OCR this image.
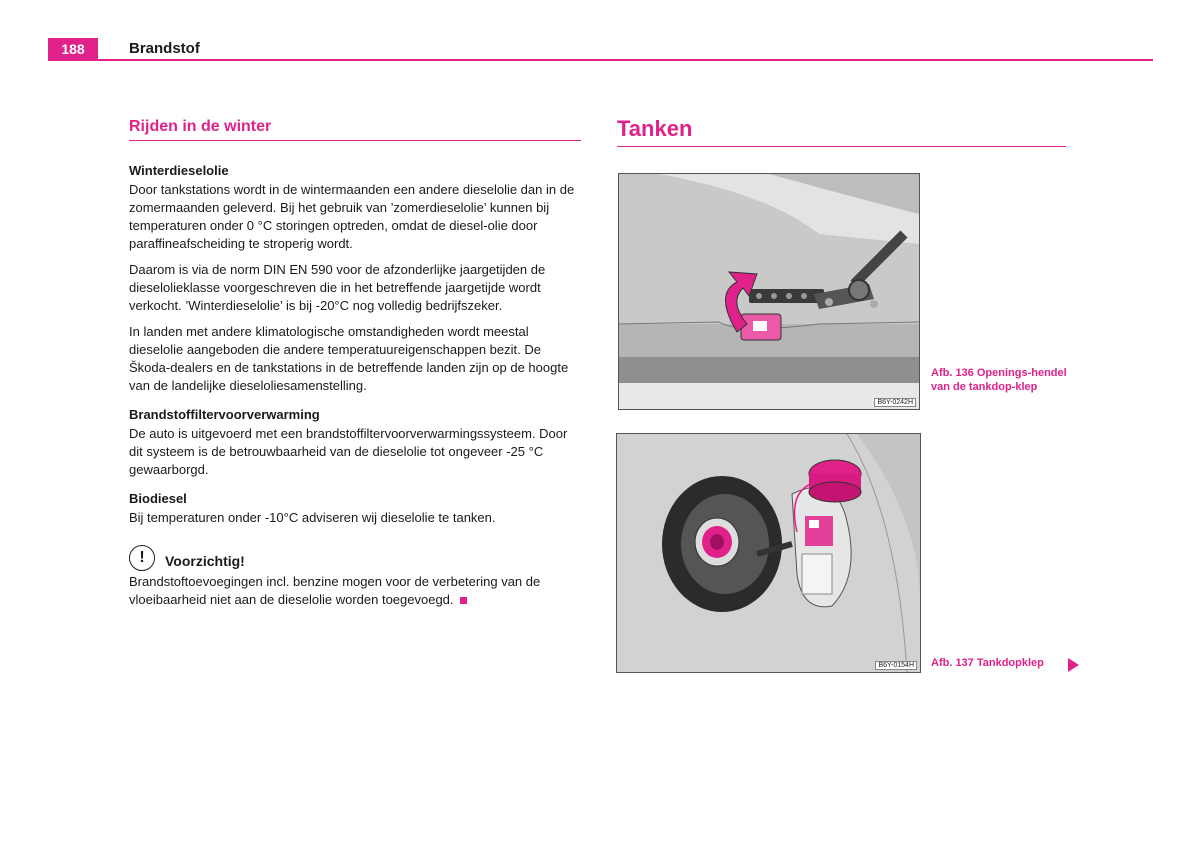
188	Brandstof
Rijden in de winter
Winterdieselolie

Door tankstations wordt in de wintermaanden een andere dieselolie dan in de zomermaanden geleverd. Bij het gebruik van ’zomerdieselolie’ kunnen bij temperaturen onder 0 °C storingen optreden, omdat de diesel-olie door paraffineafscheiding te stroperig wordt.

Daarom is via de norm DIN EN 590 voor de afzonderlijke jaargetijden de dieselolieklasse voorgeschreven die in het betreffende jaargetijde wordt verkocht. ’Winterdieselolie’ is bij -20°C nog volledig bedrijfszeker.

In landen met andere klimatologische omstandigheden wordt meestal dieselolie aangeboden die andere temperatuureigenschappen bezit. De Škoda-dealers en de tankstations in de betreffende landen zijn op de hoogte van de landelijke dieseloliesamenstelling.

Brandstoffiltervoorverwarming

De auto is uitgevoerd met een brandstoffiltervoorverwarmingssysteem. Door dit systeem is de betrouwbaarheid van de dieselolie tot ongeveer -25 °C gewaarborgd.

Biodiesel

Bij temperaturen onder -10°C adviseren wij dieselolie te tanken.

!	Voorzichtig!

Brandstoftoevoegingen incl. benzine mogen voor de verbetering van de vloeibaarheid niet aan de dieselolie worden toegevoegd.

Tanken
B6Y-0242H
Afb. 136 Openings-hendel van de tankdop-klep
B6Y-0154H Afb. 137 Tankdopklep
